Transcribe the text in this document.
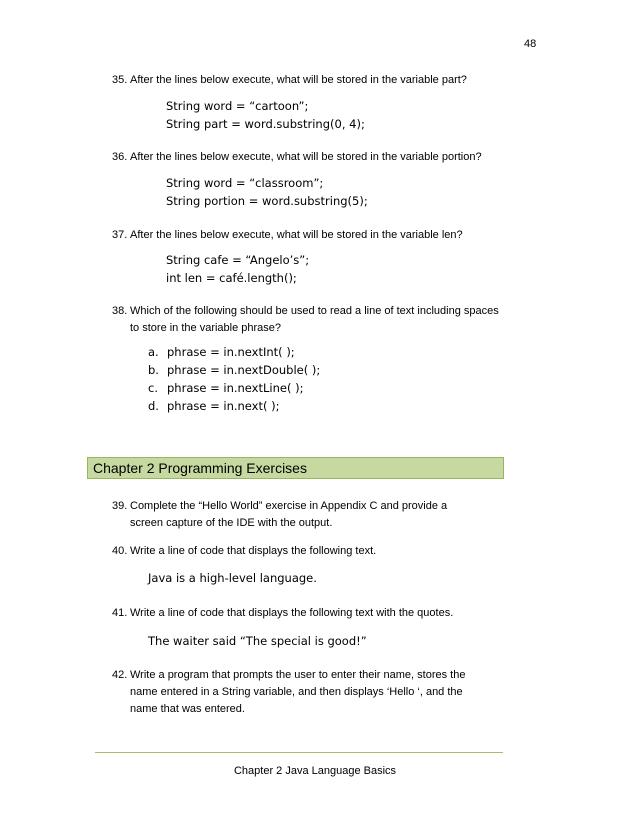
48
35. After the lines below execute, what will be stored in the variable part?
String word = “cartoon”;
String part = word.substring(0, 4);
36. After the lines below execute, what will be stored in the variable portion?
String word = “classroom”;
String portion = word.substring(5);
37. After the lines below execute, what will be stored in the variable len?
String cafe = “Angelo’s”;
int len = café.length();
38. Which of the following should be used to read a line of text including spaces to store in the variable phrase?
a. phrase = in.nextInt( );
b. phrase = in.nextDouble( );
c. phrase = in.nextLine( );
d. phrase = in.next( );
Chapter 2 Programming Exercises
39. Complete the “Hello World” exercise in Appendix C and provide a screen capture of the IDE with the output.
40. Write a line of code that displays the following text.
Java is a high-level language.
41. Write a line of code that displays the following text with the quotes.
The waiter said “The special is good!”
42. Write a program that prompts the user to enter their name, stores the name entered in a String variable, and then displays ‘Hello ‘, and the name that was entered.
Chapter 2 Java Language Basics
